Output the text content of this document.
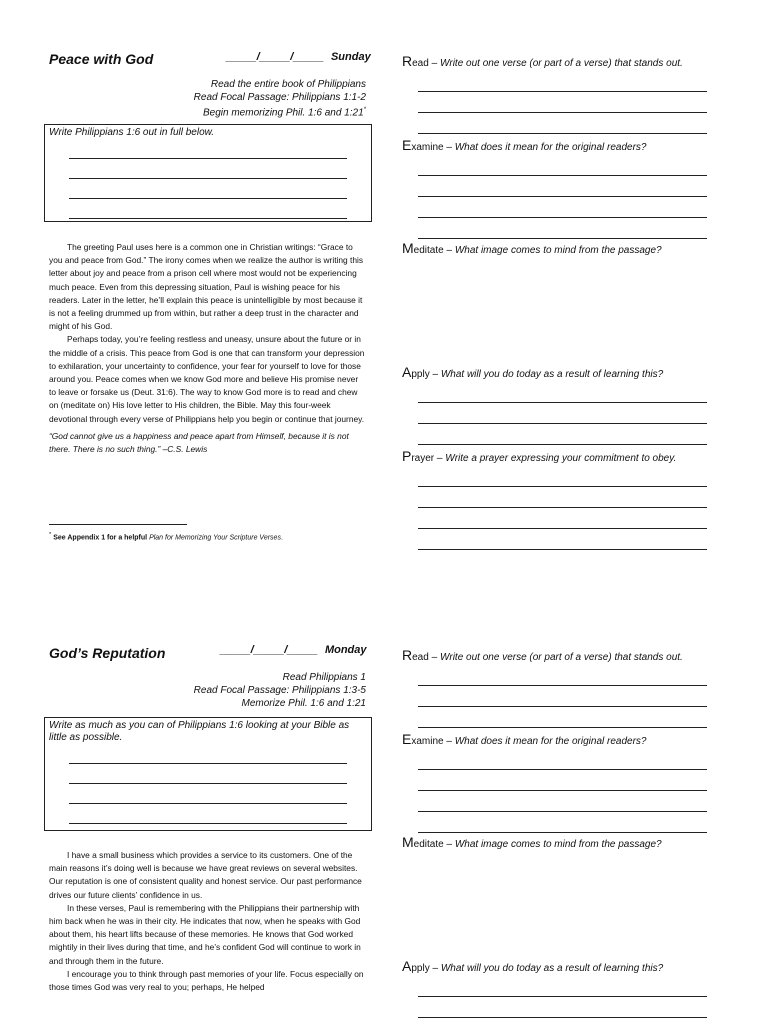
Peace with God	_____/_____/_____ Sunday
Read the entire book of Philippians
Read Focal Passage: Philippians 1:1-2
Begin memorizing Phil. 1:6 and 1:21*
Write Philippians 1:6 out in full below.

The greeting Paul uses here is a common one in Christian writings: “Grace to you and peace from God.” The irony comes when we realize the author is writing this letter about joy and peace from a prison cell where most would not be experiencing much peace. Even from this depressing situation, Paul is wishing peace for his readers. Later in the letter, he’ll explain this peace is unintelligible by most because it is not a feeling drummed up from within, but rather a deep trust in the character and might of his God.

Perhaps today, you’re feeling restless and uneasy, unsure about the future or in the middle of a crisis. This peace from God is one that can transform your depression to exhilaration, your uncertainty to confidence, your fear for yourself to love for those around you. Peace comes when we know God more and believe His promise never to leave or forsake us (Deut. 31:6). The way to know God more is to read and chew on (meditate on) His love letter to His children, the Bible. May this four-week devotional through every verse of Philippians help you begin or continue that journey.

“God cannot give us a happiness and peace apart from Himself, because it is not there. There is no such thing.” –C.S. Lewis

* See Appendix 1 for a helpful Plan for Memorizing Your Scripture Verses.
Read – Write out one verse (or part of a verse) that stands out.
Examine – What does it mean for the original readers?
Meditate – What image comes to mind from the passage?
Apply – What will you do today as a result of learning this?
Prayer – Write a prayer expressing your commitment to obey.
God’s Reputation	_____/_____/_____ Monday
Read Philippians 1
Read Focal Passage: Philippians 1:3-5
Memorize Phil. 1:6 and 1:21
Write as much as you can of Philippians 1:6 looking at your Bible as little as possible.

I have a small business which provides a service to its customers. One of the main reasons it’s doing well is because we have great reviews on several websites. Our reputation is one of consistent quality and honest service. Our past performance drives our future clients’ confidence in us.

In these verses, Paul is remembering with the Philippians their partnership with him back when he was in their city. He indicates that now, when he speaks with God about them, his heart lifts because of these memories. He knows that God worked mightily in their lives during that time, and he’s confident God will continue to work in and through them in the future.

I encourage you to think through past memories of your life. Focus especially on those times God was very real to you; perhaps, He helped

Read – Write out one verse (or part of a verse) that stands out.
Examine – What does it mean for the original readers?
Meditate – What image comes to mind from the passage?
Apply – What will you do today as a result of learning this?
